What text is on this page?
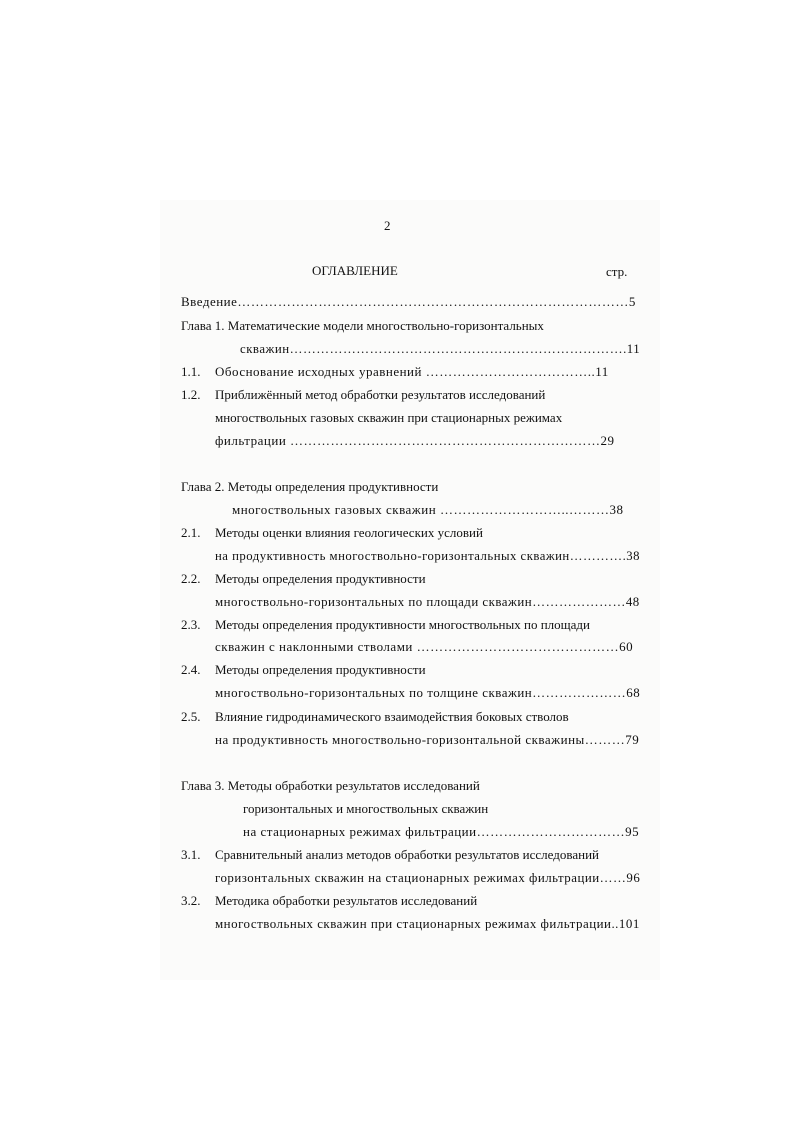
2
ОГЛАВЛЕНИЕ	стр.
Введение……………………………………………………………………………5
Глава 1. Математические модели многоствольно-горизонтальных
скважин………………………………………………………………….11
1.1. Обоснование исходных уравнений ………………………………..11
1.2. Приближённый метод обработки результатов исследований
многоствольных газовых скважин при стационарных режимах
фильтрации ……………………………………………………………29
Глава 2. Методы определения продуктивности
многоствольных газовых скважин ………………………..………38
2.1. Методы оценки влияния геологических условий
на продуктивность многоствольно-горизонтальных скважин………….38
2.2. Методы определения продуктивности
многоствольно-горизонтальных по площади скважин…………………48
2.3. Методы определения продуктивности многоствольных по площади
скважин с наклонными стволами ………………………………………60
2.4. Методы определения продуктивности
многоствольно-горизонтальных по толщине скважин…………………68
2.5. Влияние гидродинамического взаимодействия боковых стволов
на продуктивность многоствольно-горизонтальной скважины………79
Глава 3. Методы обработки результатов исследований
горизонтальных и многоствольных скважин
на стационарных режимах фильтрации……………………………95
3.1. Сравнительный анализ методов обработки результатов исследований
горизонтальных скважин на стационарных режимах фильтрации……96
3.2. Методика обработки результатов исследований
многоствольных скважин при стационарных режимах фильтрации..101
